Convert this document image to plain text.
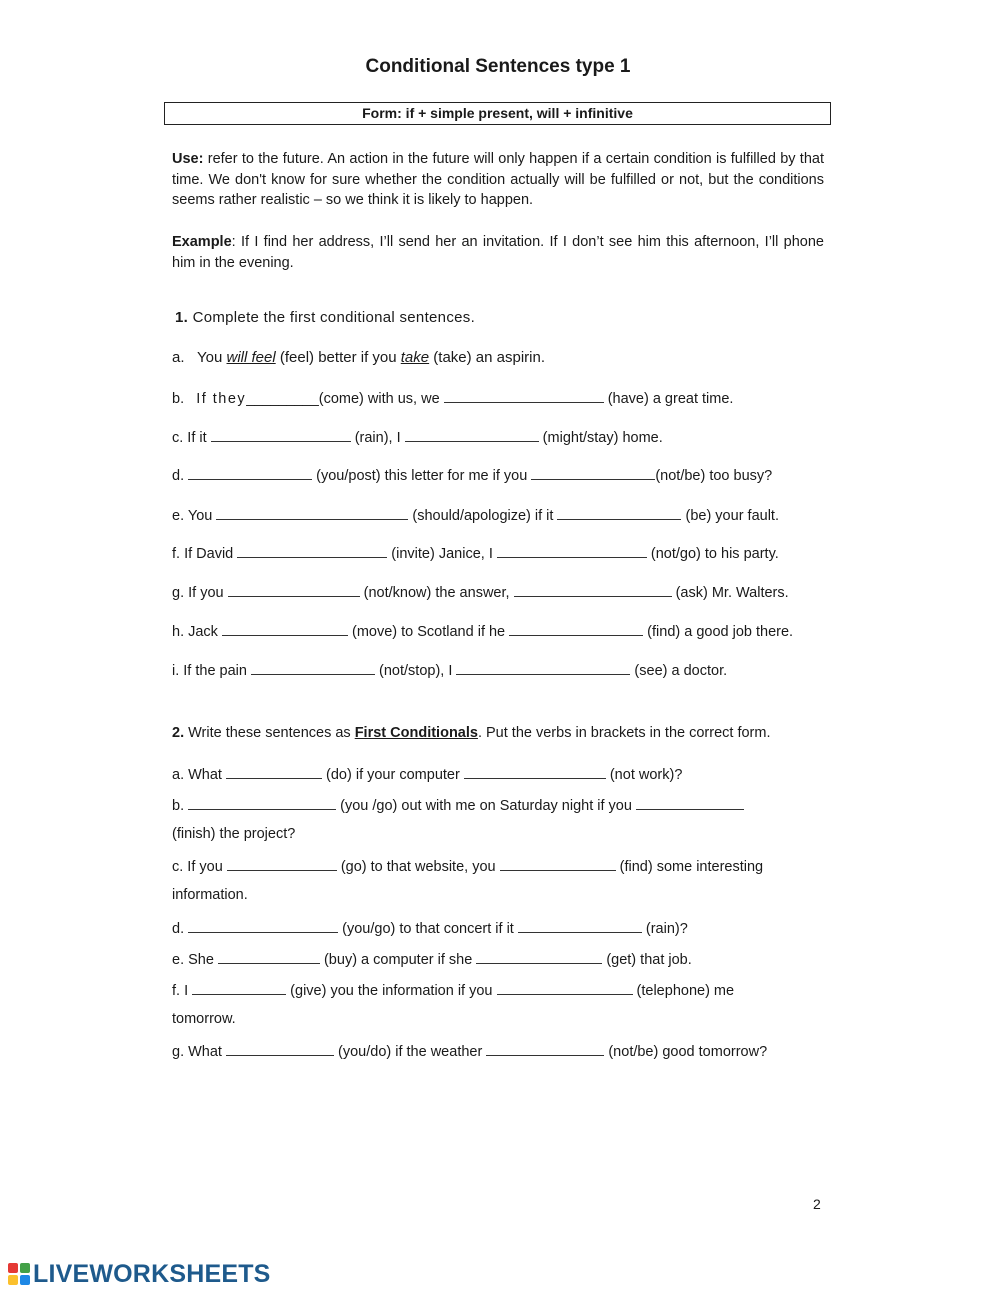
Conditional Sentences type 1
Form: if + simple present, will + infinitive
Use: refer to the future. An action in the future will only happen if a certain condition is fulfilled by that time. We don't know for sure whether the condition actually will be fulfilled or not, but the conditions seems rather realistic – so we think it is likely to happen.
Example: If I find her address, I’ll send her an invitation. If I don’t see him this afternoon, I’ll phone him in the evening.
1. Complete the first conditional sentences.
a. You will feel (feel) better if you take (take) an aspirin.
b. If they_________(come) with us, we	(have) a great time.
c. If it	(rain), I	(might/stay) home.
d.	(you/post) this letter for me if you	(not/be) too busy?
e. You	(should/apologize) if it	(be) your fault.
f. If David	(invite) Janice, I	(not/go) to his party.
g. If you	(not/know) the answer,	(ask) Mr. Walters.
h. Jack	(move) to Scotland if he	(find) a good job there.
i. If the pain	(not/stop), I	(see) a doctor.
2. Write these sentences as First Conditionals. Put the verbs in brackets in the correct form.
a. What	(do) if your computer	(not work)?
b.	(you /go) out with me on Saturday night if you
(finish) the project?
c. If you	(go) to that website, you	(find) some interesting
information.
d.	(you/go) to that concert if it	(rain)?
e. She	(buy) a computer if she	(get) that job.
f. I	(give) you the information if you	(telephone) me
tomorrow.
g. What	(you/do) if the weather	(not/be) good tomorrow?
2
LIVEWORKSHEETS
